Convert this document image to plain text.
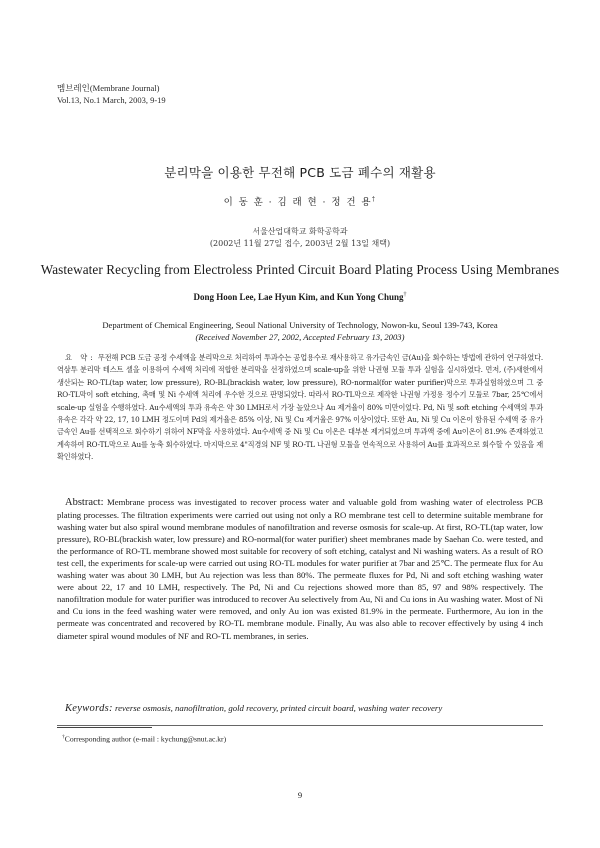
멤브레인(Membrane Journal)
Vol.13, No.1 March, 2003, 9-19
분리막을 이용한 무전해 PCB 도금 폐수의 재활용
이 동 훈 · 김 래 현 · 정 건 용†
서울산업대학교 화학공학과
(2002년 11월 27일 접수, 2003년 2월 13일 채택)
Wastewater Recycling from Electroless Printed Circuit Board Plating Process Using Membranes
Dong Hoon Lee, Lae Hyun Kim, and Kun Yong Chung†
Department of Chemical Engineering, Seoul National University of Technology, Nowon-ku, Seoul 139-743, Korea
(Received November 27, 2002, Accepted February 13, 2003)
요 약: 무전해 PCB 도금 공정 수세액을 분리막으로 처리하여 투과수는 공업용수로 재사용하고 유가금속인 금(Au)을 회수하는 방법에 관하여 연구하였다. 역삼투 분리막 테스트 셀을 이용하여 수세액 처리에 적합한 분리막을 선정하였으며 scale-up을 위한 나권형 모듈 투과 실험을 실시하였다. 먼저, (주)새한에서 생산되는 RO-TL(tap water, low pressure), RO-BL(brackish water, low pressure), RO-normal(for water purifier)막으로 투과실험하였으며 그 중 RO-TL막이 soft etching, 촉매 및 Ni 수세액 처리에 우수한 것으로 판명되었다. 따라서 RO-TL막으로 제작한 나권형 가정용 정수기 모듈로 7bar, 25℃에서 scale-up 실험을 수행하였다. Au수세액의 투과 유속은 약 30 LMH로서 가장 높았으나 Au 제거율이 80% 미만이었다. Pd, Ni 및 soft etching 수세액의 투과유속은 각각 약 22, 17, 10 LMH 정도이며 Pd의 제거율은 85% 이상, Ni 및 Cu 제거율은 97% 이상이었다. 또한 Au, Ni 및 Cu 이온이 함유된 수세액 중 유가금속인 Au를 선택적으로 회수하기 위하여 NF막을 사용하였다. Au수세액 중 Ni 및 Cu 이온은 대부분 제거되었으며 투과액 중에 Au이온이 81.9% 존재하였고 계속하여 RO-TL막으로 Au를 농축 회수하였다. 마지막으로 4"직경의 NF 및 RO-TL 나권형 모듈을 연속적으로 사용하여 Au를 효과적으로 회수할 수 있음을 재확인하였다.
Abstract: Membrane process was investigated to recover process water and valuable gold from washing water of electroless PCB plating processes. The filtration experiments were carried out using not only a RO membrane test cell to determine suitable membrane for washing water but also spiral wound membrane modules of nanofiltration and reverse osmosis for scale-up. At first, RO-TL(tap water, low pressure), RO-BL(brackish water, low pressure) and RO-normal(for water purifier) sheet membranes made by Saehan Co. were tested, and the performance of RO-TL membrane showed most suitable for recovery of soft etching, catalyst and Ni washing waters. As a result of RO test cell, the experiments for scale-up were carried out using RO-TL modules for water purifier at 7bar and 25℃. The permeate flux for Au washing water was about 30 LMH, but Au rejection was less than 80%. The permeate fluxes for Pd, Ni and soft etching washing water were about 22, 17 and 10 LMH, respectively. The Pd, Ni and Cu rejections showed more than 85, 97 and 98% respectively. The nanofiltration module for water purifier was introduced to recover Au selectively from Au, Ni and Cu ions in Au washing water. Most of Ni and Cu ions in the feed washing water were removed, and only Au ion was existed 81.9% in the permeate. Furthermore, Au ion in the permeate was concentrated and recovered by RO-TL membrane module. Finally, Au was also able to recover effectively by using 4 inch diameter spiral wound modules of NF and RO-TL membranes, in series.
Keywords: reverse osmosis, nanofiltration, gold recovery, printed circuit board, washing water recovery
†Corresponding author (e-mail : kychung@snut.ac.kr)
9
